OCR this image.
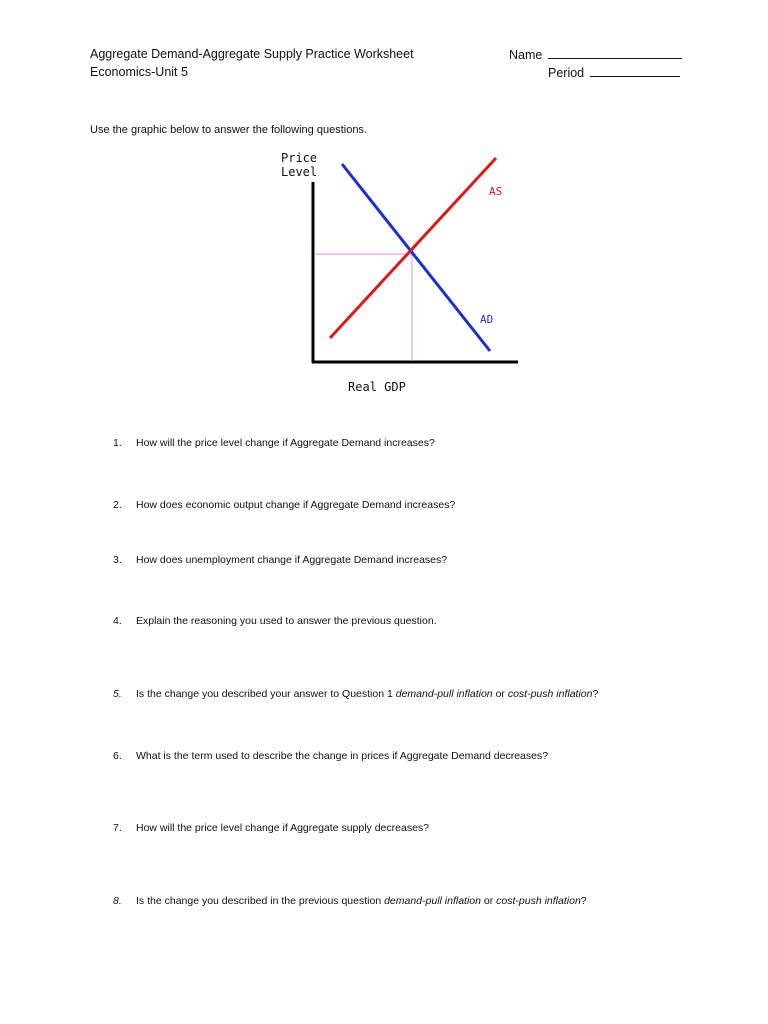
Aggregate Demand-Aggregate Supply Practice Worksheet
Economics-Unit 5
Name
Period
Use the graphic below to answer the following questions.
Price
Level
AS
AD
Real GDP
1. How will the price level change if Aggregate Demand increases?
2. How does economic output change if Aggregate Demand increases?
3. How does unemployment change if Aggregate Demand increases?
4. Explain the reasoning you used to answer the previous question.
5. Is the change you described your answer to Question 1 demand-pull inflation or cost-push inflation?
6. What is the term used to describe the change in prices if Aggregate Demand decreases?
7. How will the price level change if Aggregate supply decreases?
8. Is the change you described in the previous question demand-pull inflation or cost-push inflation?
